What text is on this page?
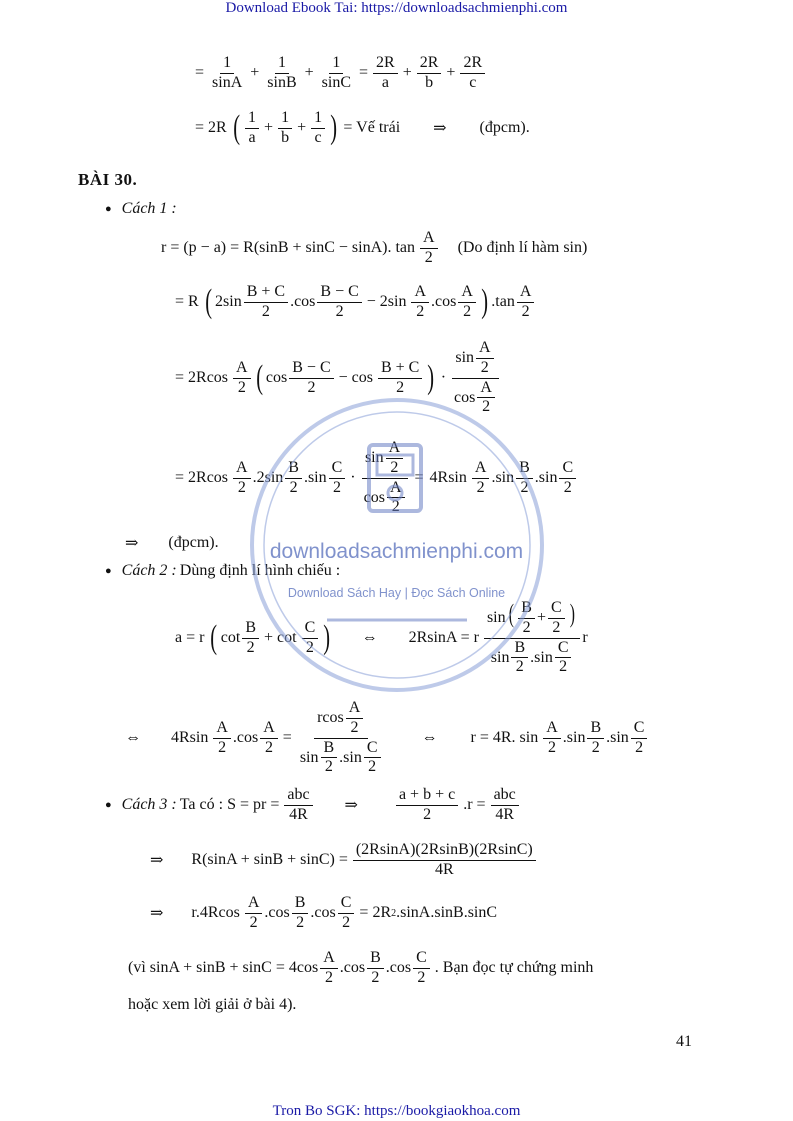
Download Ebook Tai: https://downloadsachmienphi.com
= $\frac{1}{\sin A} + \frac{1}{\sin B} + \frac{1}{\sin C} = \frac{2R}{a} + \frac{2R}{b} + \frac{2R}{c}$
= 2R ( $\frac{1}{a} + \frac{1}{b} + \frac{1}{c}$ ) = Vế trái ⇒ (đpcm).
BÀI 30.
● Cách 1 :
r = (p − a) = R(sinB + sinC − sinA). $\tan \frac{A}{2} (Do$ định lí hàm sin)
= R ( $2\sin \frac{B + C}{2} .\cos \frac{B - C}{2} - 2\sin \frac{A}{2} .\cos \frac{A}{2}$ ) $.\tan \frac{A}{2}$
= $2Rcos \frac{A}{2}$ ( $\cos \frac{B - C}{2} - \cos \frac{B + C}{2}$ ) · $\frac{\sin \frac{A}{2}}{\cos \frac{A}{2}}$
= $2Rcos \frac{A}{2} .2\sin \frac{B}{2} .\sin \frac{C}{2} \cdot \frac{\sin \frac{A}{2}}{\cos \frac{A}{2}} = 4Rsin \frac{A}{2} .\sin \frac{B}{2} .\sin \frac{C}{2}$
⇒ (đpcm).
● Cách 2 : Dùng định lí hình chiếu :
a = r ( $\cot \frac{B}{2} + \cot \frac{C}{2}$ ) ⇔ 2RsinA = r $\frac{\sin ( \frac{B}{2} + \frac{C}{2} )}{\sin \frac{B}{2} .\sin \frac{C}{2}}$ r
⇔ $4Rsin \frac{A}{2} .\cos \frac{A}{2} = \frac{rcos \frac{A}{2}}{\sin \frac{B}{2} .\sin \frac{C}{2}}$ ⇔ r = 4R. $\sin \frac{A}{2} .\sin \frac{B}{2} .\sin \frac{C}{2}$
● Cách 3 : Ta có : S = pr = $\frac{\text{abc}}{4R}$ ⇒ $\frac{a + b + c}{2} .r = \frac{\text{abc}}{4R}$
⇒ $R(\sin A + \sin B + \sin C) = \frac{(2RsinA)(2RsinB)(2RsinC)}{4R}$
⇒ $r.4Rcos \frac{A}{2} .\cos \frac{B}{2} .\cos \frac{C}{2} = 2R$ 2 .sinA.sinB.sinC
(vì $\sin A + \sin B + \sin C = 4\cos \frac{A}{2} .\cos \frac{B}{2} .\cos \frac{C}{2}$ . Bạn đọc tự chứng minh
hoặc xem lời giải ở bài 4).
41
downloadsachmienphi.com
Download Sách Hay | Đọc Sách Online
Tron Bo SGK: https://bookgiaokhoa.com
